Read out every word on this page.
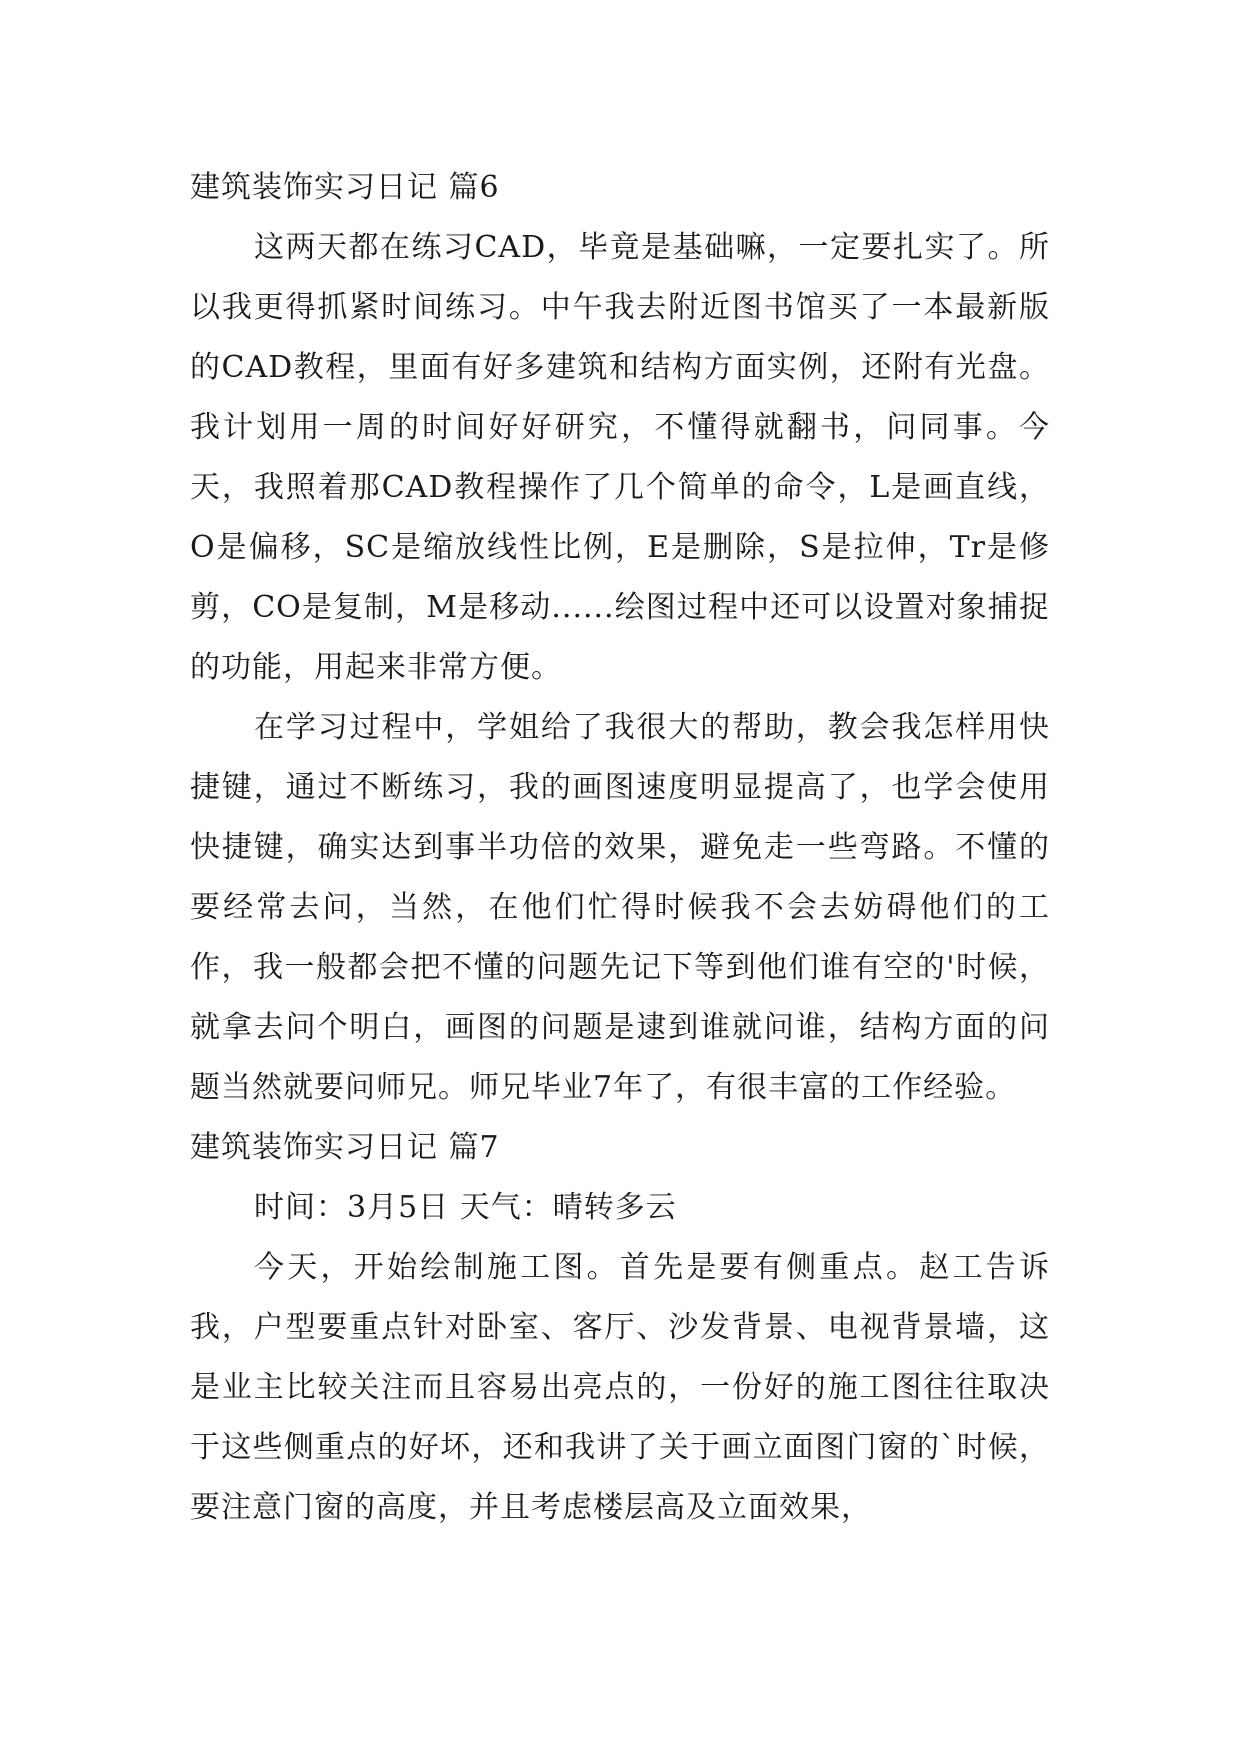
建筑装饰实习日记 篇6

这两天都在练习CAD，毕竟是基础嘛，一定要扎实了。所以我更得抓紧时间练习。中午我去附近图书馆买了一本最新版的CAD教程，里面有好多建筑和结构方面实例，还附有光盘。我计划用一周的时间好好研究，不懂得就翻书，问同事。今天，我照着那CAD教程操作了几个简单的命令，L是画直线，O是偏移，SC是缩放线性比例，E是删除，S是拉伸，Tr是修剪，CO是复制，M是移动......绘图过程中还可以设置对象捕捉的功能，用起来非常方便。

在学习过程中，学姐给了我很大的帮助，教会我怎样用快捷键，通过不断练习，我的画图速度明显提高了，也学会使用快捷键，确实达到事半功倍的效果，避免走一些弯路。不懂的要经常去问，当然，在他们忙得时候我不会去妨碍他们的工作，我一般都会把不懂的问题先记下等到他们谁有空的'时候，就拿去问个明白，画图的问题是逮到谁就问谁，结构方面的问题当然就要问师兄。师兄毕业7年了，有很丰富的工作经验。

建筑装饰实习日记 篇7

时间：3月5日 天气：晴转多云

今天，开始绘制施工图。首先是要有侧重点。赵工告诉我，户型要重点针对卧室、客厅、沙发背景、电视背景墙，这是业主比较关注而且容易出亮点的，一份好的施工图往往取决于这些侧重点的好坏，还和我讲了关于画立面图门窗的`时候，要注意门窗的高度，并且考虑楼层高及立面效果，
